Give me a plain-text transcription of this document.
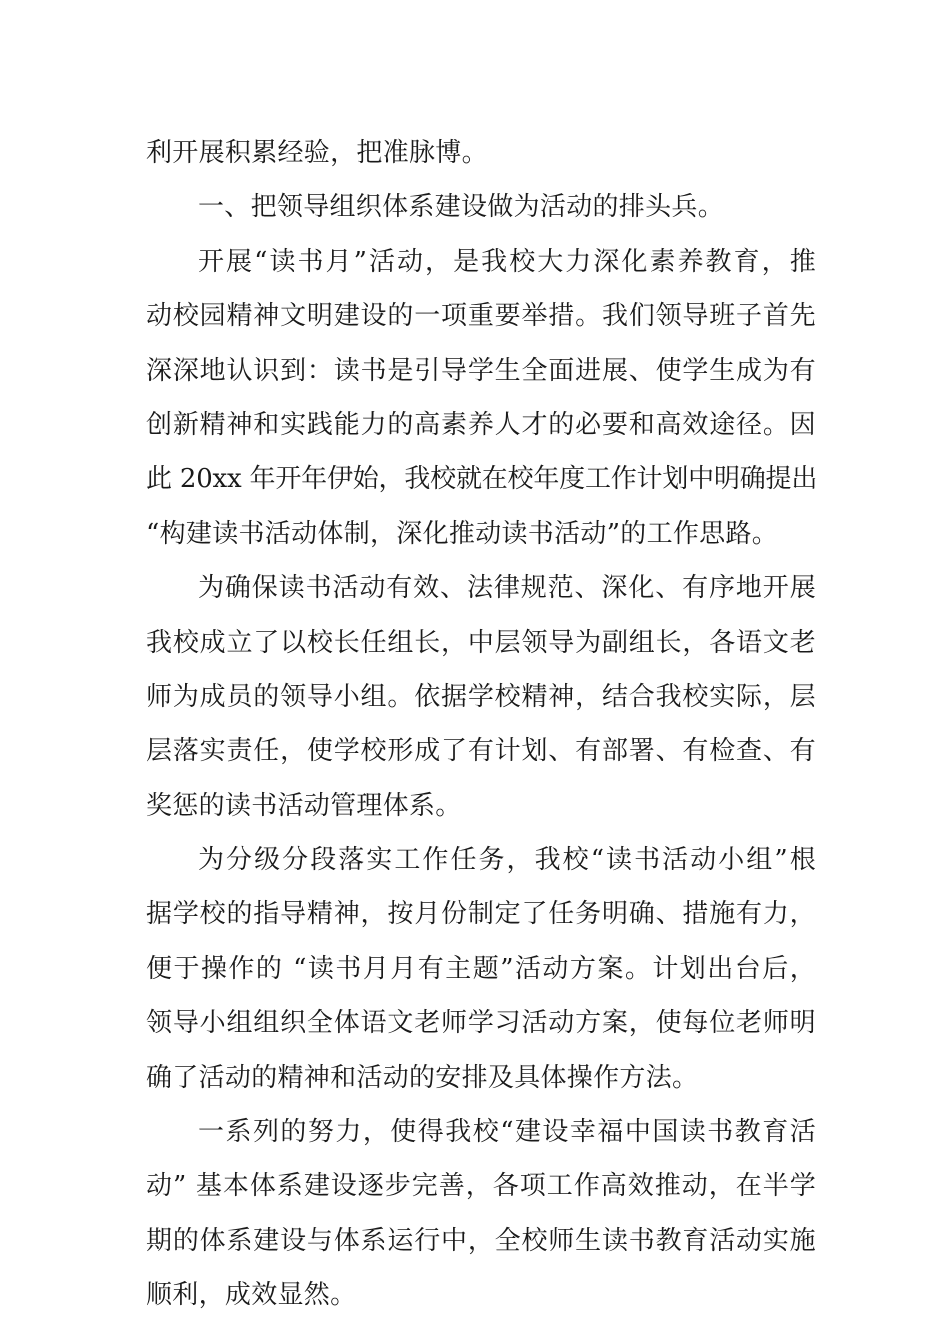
利开展积累经验，把准脉博。
一、把领导组织体系建设做为活动的排头兵。
开展“读书月”活动，是我校大力深化素养教育，推
动校园精神文明建设的一项重要举措。我们领导班子首先
深深地认识到：读书是引导学生全面进展、使学生成为有
创新精神和实践能力的高素养人才的必要和高效途径。因
此 20xx 年开年伊始，我校就在校年度工作计划中明确提出
“构建读书活动体制，深化推动读书活动”的工作思路。
为确保读书活动有效、法律规范、深化、有序地开展
我校成立了以校长任组长，中层领导为副组长，各语文老
师为成员的领导小组。依据学校精神，结合我校实际，层
层落实责任，使学校形成了有计划、有部署、有检查、有
奖惩的读书活动管理体系。
为分级分段落实工作任务，我校“读书活动小组”根
据学校的指导精神，按月份制定了任务明确、措施有力，
便于操作的 “读书月月有主题”活动方案。计划出台后，
领导小组组织全体语文老师学习活动方案，使每位老师明
确了活动的精神和活动的安排及具体操作方法。
一系列的努力，使得我校“建设幸福中国读书教育活
动” 基本体系建设逐步完善，各项工作高效推动，在半学
期的体系建设与体系运行中，全校师生读书教育活动实施
顺利，成效显然。
